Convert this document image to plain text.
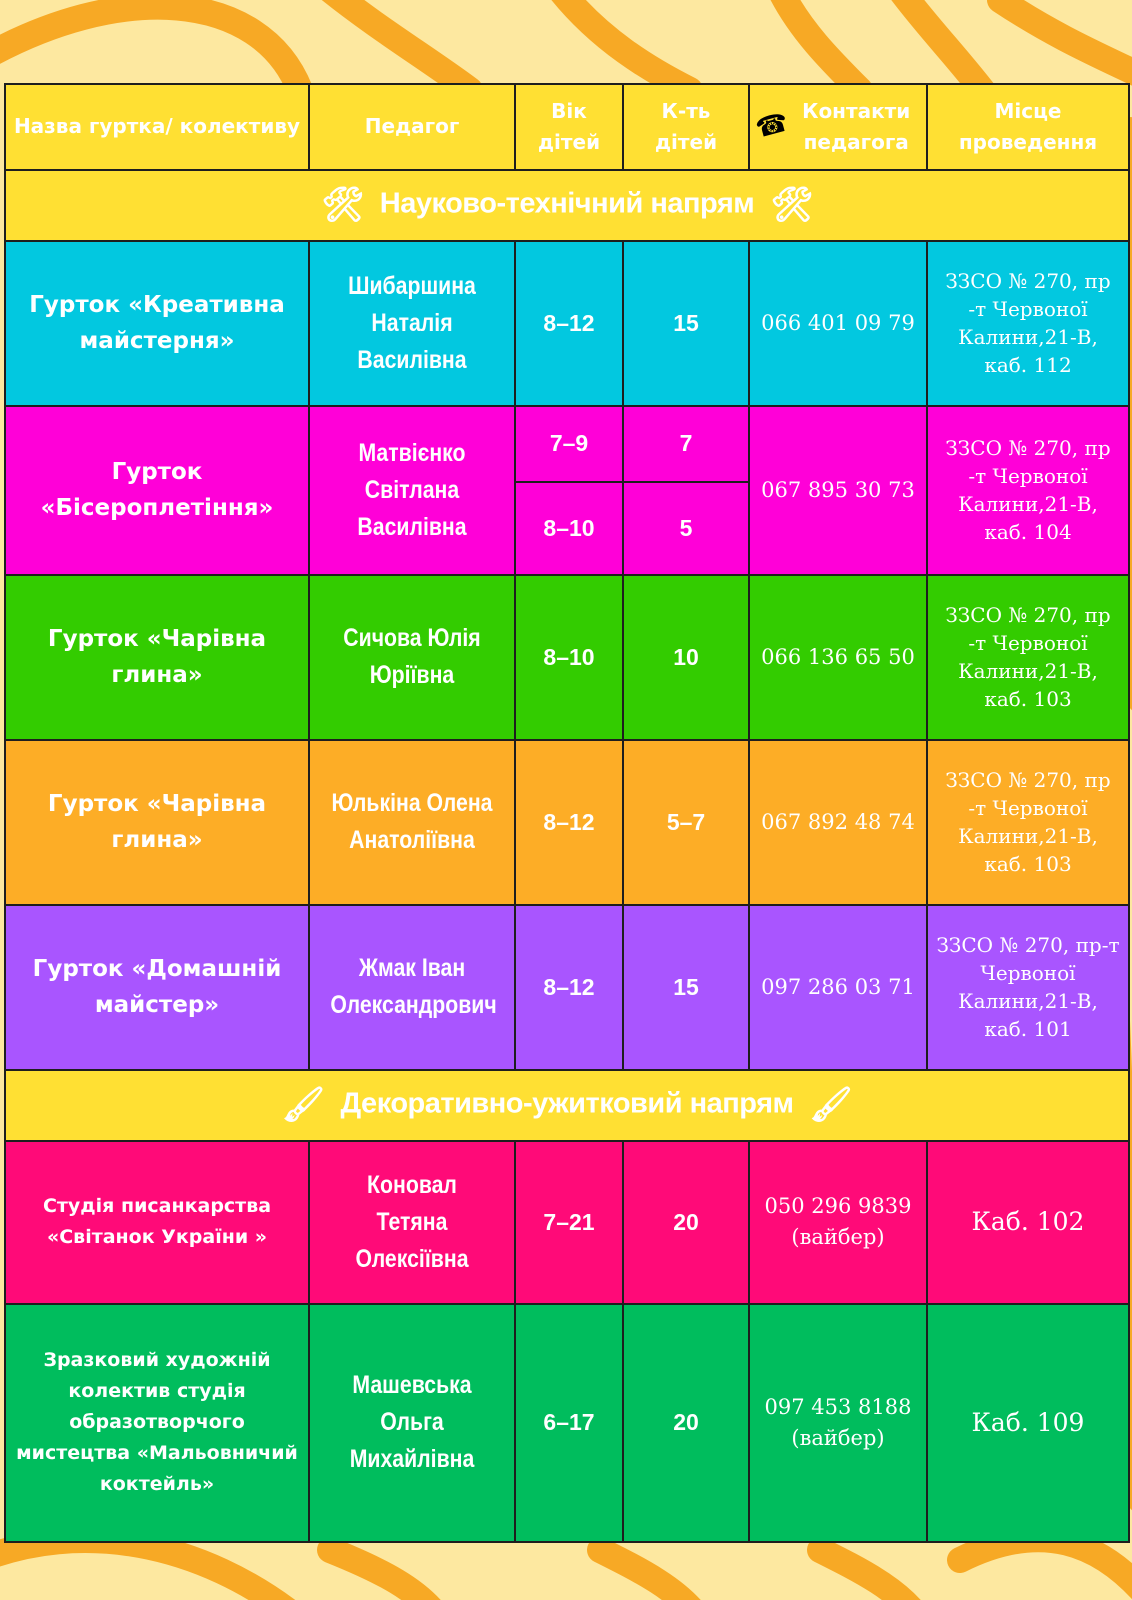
Назва гуртка/ колективу	Педагог	Вік дітей	К-ть дітей	☎ Контакти педагога	Місце проведення
🛠 Науково-технічний напрям 🛠					
Гурток «Креативна майстерня»	Шибаршина Наталія Василівна	8–12	15	066 401 09 79	ЗЗСО № 270, пр -т Червоної Калини,21-В, каб. 112
Гурток «Бісероплетіння»	Матвієнко Світлана Василівна	7–9	7	067 895 30 73	ЗЗСО № 270, пр -т Червоної Калини,21-В, каб. 104
		8–10	5		
Гурток «Чарівна глина»	Сичова Юлія Юріївна	8–10	10	066 136 65 50	ЗЗСО № 270, пр -т Червоної Калини,21-В, каб. 103
Гурток «Чарівна глина»	Юлькіна Олена Анатоліївна	8–12	5–7	067 892 48 74	ЗЗСО № 270, пр -т Червоної Калини,21-В, каб. 103
Гурток «Домашній майстер»	Жмак Іван Олександрович	8–12	15	097 286 03 71	ЗЗСО № 270, пр-т Червоної Калини,21-В, каб. 101
🖌 Декоративно-ужитковий напрям 🖌					
Студія писанкарства «Світанок України »	Коновал Тетяна Олексіївна	7–21	20	050 296 9839 (вайбер)	Каб. 102
Зразковий художній колектив студія образотворчого мистецтва «Мальовничий коктейль»	Машевська Ольга Михайлівна	6–17	20	097 453 8188 (вайбер)	Каб. 109
